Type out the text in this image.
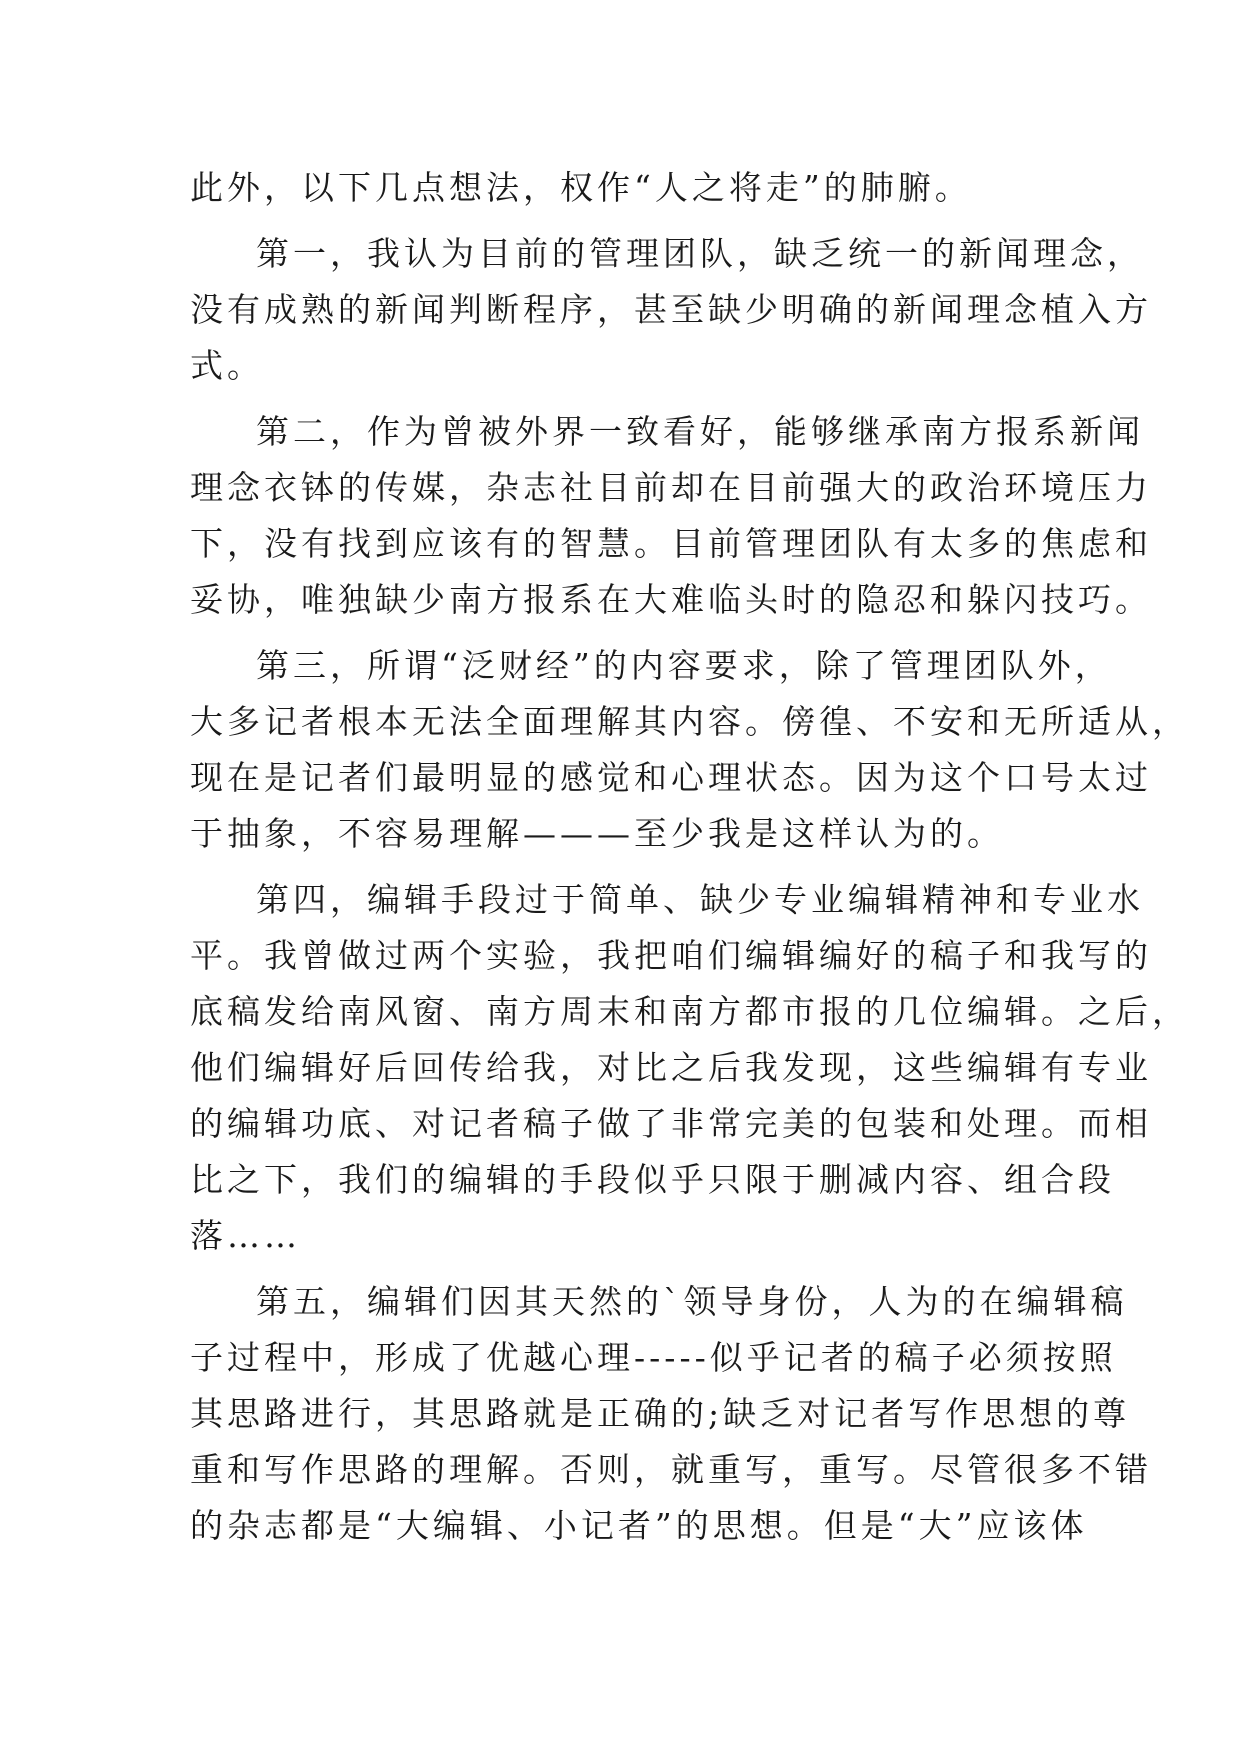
此外，以下几点想法，权作“人之将走”的肺腑。
第一，我认为目前的管理团队，缺乏统一的新闻理念，
没有成熟的新闻判断程序，甚至缺少明确的新闻理念植入方
式。
第二，作为曾被外界一致看好，能够继承南方报系新闻
理念衣钵的传媒，杂志社目前却在目前强大的政治环境压力
下，没有找到应该有的智慧。目前管理团队有太多的焦虑和
妥协，唯独缺少南方报系在大难临头时的隐忍和躲闪技巧。
第三，所谓“泛财经”的内容要求，除了管理团队外，
大多记者根本无法全面理解其内容。傍徨、不安和无所适从，
现在是记者们最明显的感觉和心理状态。因为这个口号太过
于抽象，不容易理解———至少我是这样认为的。
第四，编辑手段过于简单、缺少专业编辑精神和专业水
平。我曾做过两个实验，我把咱们编辑编好的稿子和我写的
底稿发给南风窗、南方周末和南方都市报的几位编辑。之后，
他们编辑好后回传给我，对比之后我发现，这些编辑有专业
的编辑功底、对记者稿子做了非常完美的包装和处理。而相
比之下，我们的编辑的手段似乎只限于删减内容、组合段
落……
第五，编辑们因其天然的`领导身份，人为的在编辑稿
子过程中，形成了优越心理-----似乎记者的稿子必须按照
其思路进行，其思路就是正确的;缺乏对记者写作思想的尊
重和写作思路的理解。否则，就重写，重写。尽管很多不错
的杂志都是“大编辑、小记者”的思想。但是“大”应该体
